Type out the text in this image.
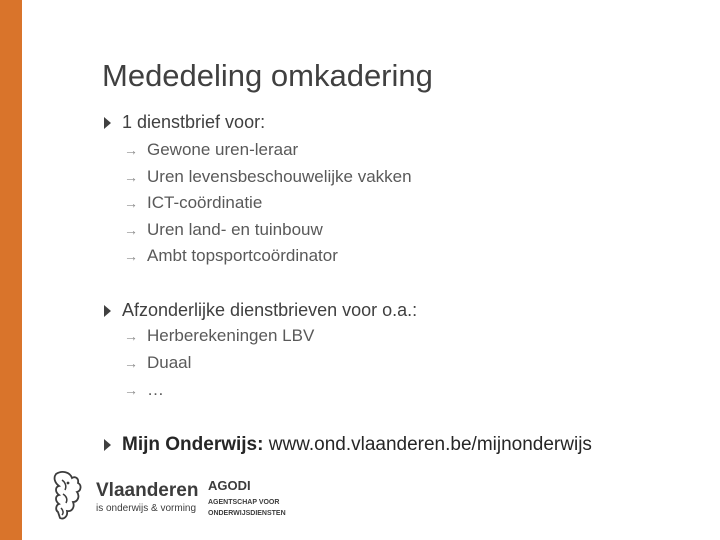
Mededeling omkadering
1 dienstbrief voor:
→ Gewone uren-leraar
→ Uren levensbeschouwelijke vakken
→ ICT-coördinatie
→ Uren land- en tuinbouw
→ Ambt topsportcoördinator
Afzonderlijke dienstbrieven voor o.a.:
→ Herberekeningen LBV
→ Duaal
→ …
Mijn Onderwijs:
www.ond.vlaanderen.be/mijnonderwijs
Vlaanderen
is onderwijs & vorming
AGODI
AGENTSCHAP VOOR
ONDERWIJSDIENSTEN
